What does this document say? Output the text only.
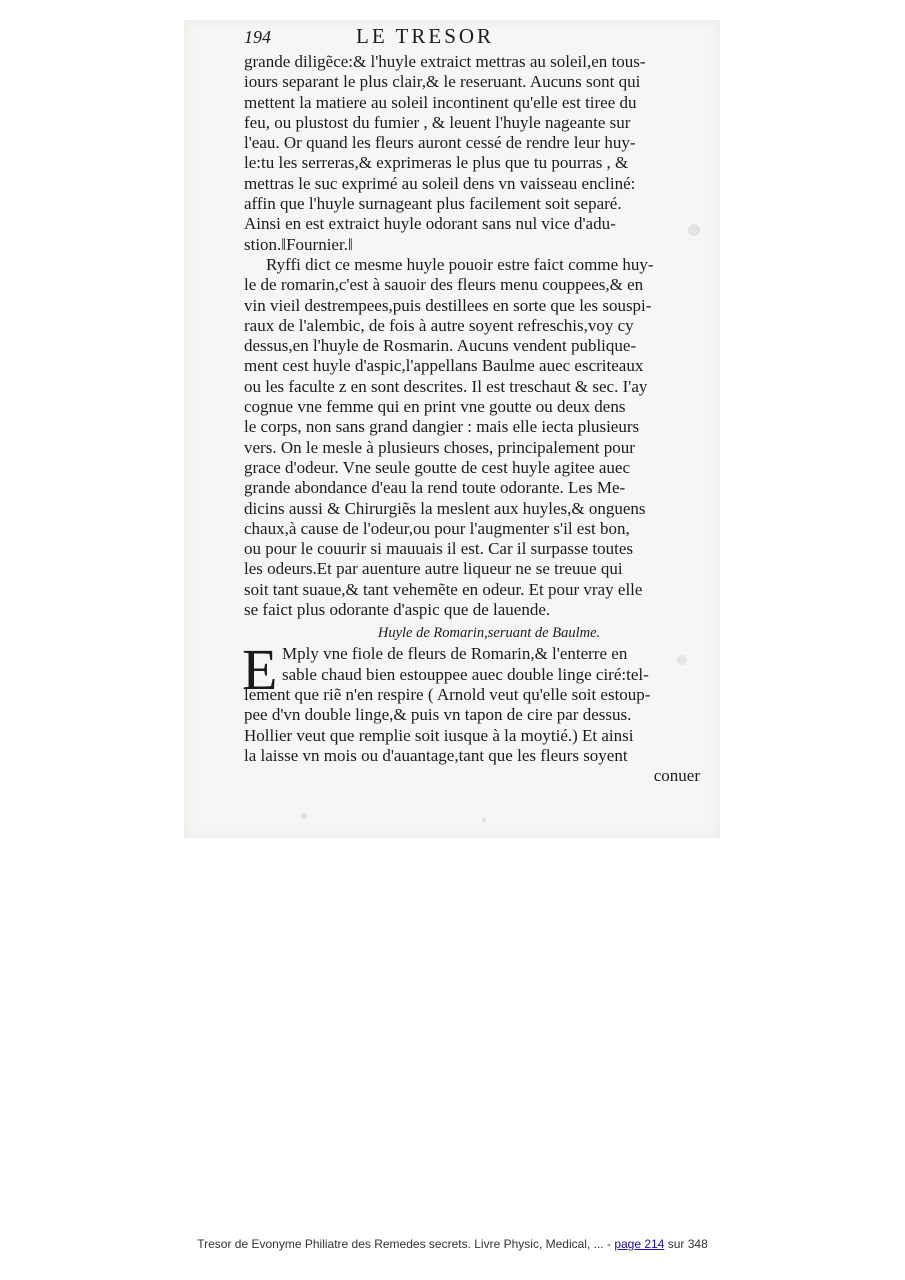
194	LE TRESOR
grande diligẽce:& l'huyle extraict mettras au soleil,en tous-
iours separant le plus clair,& le reseruant. Aucuns sont qui
mettent la matiere au soleil incontinent qu'elle est tiree du
feu, ou plustost du fumier , & leuent l'huyle nageante sur
l'eau. Or quand les fleurs auront cessé de rendre leur huy-
le:tu les serreras,& exprimeras le plus que tu pourras , &
mettras le suc exprimé au soleil dens vn vaisseau encliné:
affin que l'huyle surnageant plus facilement soit separé.
Ainsi en est extraict huyle odorant sans nul vice d'adu-
stion.‖Fournier.‖
Ryffi dict ce mesme huyle pouoir estre faict comme huy-
le de romarin,c'est à sauoir des fleurs menu couppees,& en
vin vieil destrempees,puis destillees en sorte que les souspi-
raux de l'alembic, de fois à autre soyent refreschis,voy cy
dessus,en l'huyle de Rosmarin. Aucuns vendent publique-
ment cest huyle d'aspic,l'appellans Baulme auec escriteaux
ou les faculte z en sont descrites. Il est treschaut & sec. I'ay
cognue vne femme qui en print vne goutte ou deux dens
le corps, non sans grand dangier : mais elle iecta plusieurs
vers. On le mesle à plusieurs choses, principalement pour
grace d'odeur. Vne seule goutte de cest huyle agitee auec
grande abondance d'eau la rend toute odorante. Les Me-
dicins aussi & Chirurgiẽs la meslent aux huyles,& onguens
chaux,à cause de l'odeur,ou pour l'augmenter s'il est bon,
ou pour le couurir si mauuais il est. Car il surpasse toutes
les odeurs.Et par auenture autre liqueur ne se treuue qui
soit tant suaue,& tant vehemẽte en odeur. Et pour vray elle
se faict plus odorante d'aspic que de lauende.
Huyle de Romarin,seruant de Baulme.
E Mply vne fiole de fleurs de Romarin,& l'enterre en
sable chaud bien estouppee auec double linge ciré:tel-
lement que riẽ n'en respire ( Arnold veut qu'elle soit estoup-
pee d'vn double linge,& puis vn tapon de cire par dessus.
Hollier veut que remplie soit iusque à la moytié.) Et ainsi
la laisse vn mois ou d'auantage,tant que les fleurs soyent
conuer
Tresor de Evonyme Philiatre des Remedes secrets. Livre Physic, Medical, ... - page 214 sur 348
